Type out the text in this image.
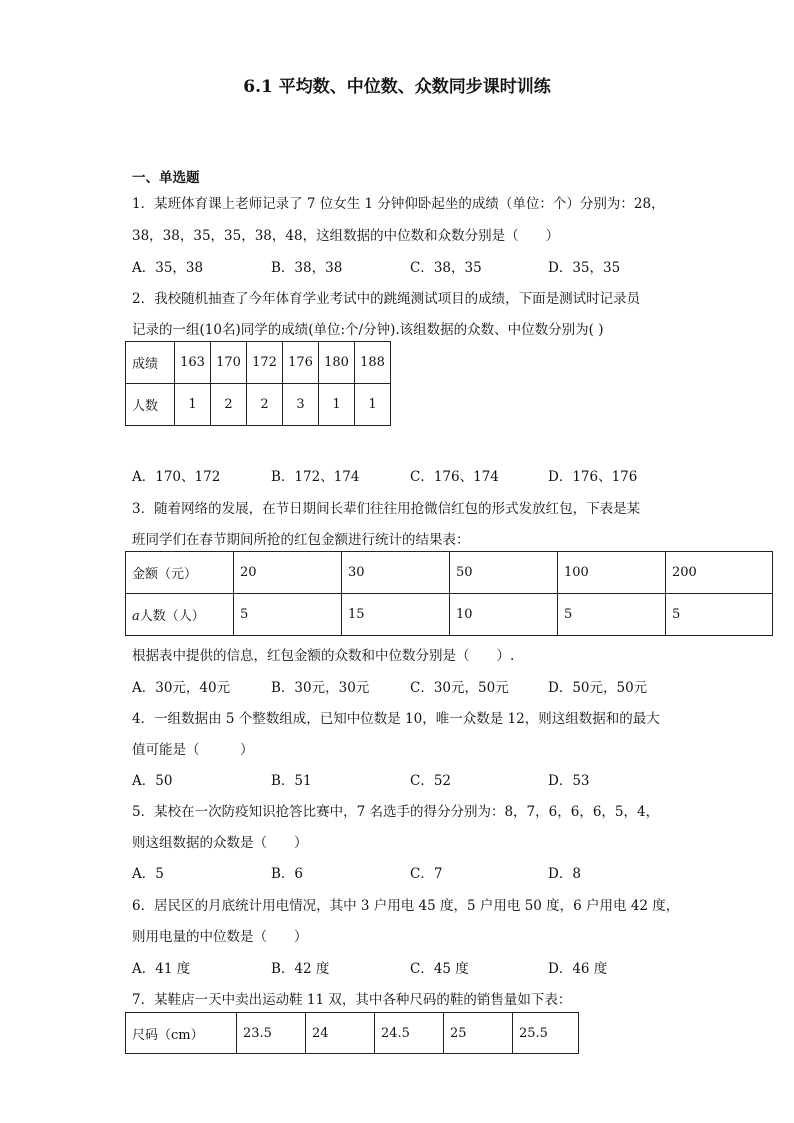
6.1 平均数、中位数、众数同步课时训练
一、单选题
1．某班体育课上老师记录了 7 位女生 1 分钟仰卧起坐的成绩（单位：个）分别为：28，
38，38，35，35，38，48，这组数据的中位数和众数分别是（　　）
A．35，38	B．38，38	C．38，35	D．35，35
2．我校随机抽查了今年体育学业考试中的跳绳测试项目的成绩，下面是测试时记录员
记录的一组(10名)同学的成绩(单位:个/分钟).该组数据的众数、中位数分别为( )
成绩	163	170	172	176	180	188
人数	1	2	2	3	1	1
A．170、172	B．172、174	C．176、174	D．176、176
3．随着网络的发展，在节日期间长辈们往往用抢微信红包的形式发放红包，下表是某
班同学们在春节期间所抢的红包金额进行统计的结果表：
金额（元）	20	30	50	100	200
a人数（人）	5	15	10	5	5
根据表中提供的信息，红包金额的众数和中位数分别是（　　）.
A．30元，40元	B．30元，30元	C．30元，50元	D．50元，50元
4．一组数据由 5 个整数组成，已知中位数是 10，唯一众数是 12，则这组数据和的最大
值可能是（　　　）
A．50	B．51	C．52	D．53
5．某校在一次防疫知识抢答比赛中，7 名选手的得分分别为：8，7，6，6，6，5，4，
则这组数据的众数是（　　）
A．5	B．6	C．7	D．8
6．居民区的月底统计用电情况，其中 3 户用电 45 度，5 户用电 50 度，6 户用电 42 度，
则用电量的中位数是（　　）
A．41 度	B．42 度	C．45 度	D．46 度
7．某鞋店一天中卖出运动鞋 11 双，其中各种尺码的鞋的销售量如下表：
尺码（cm）	23.5	24	24.5	25	25.5
